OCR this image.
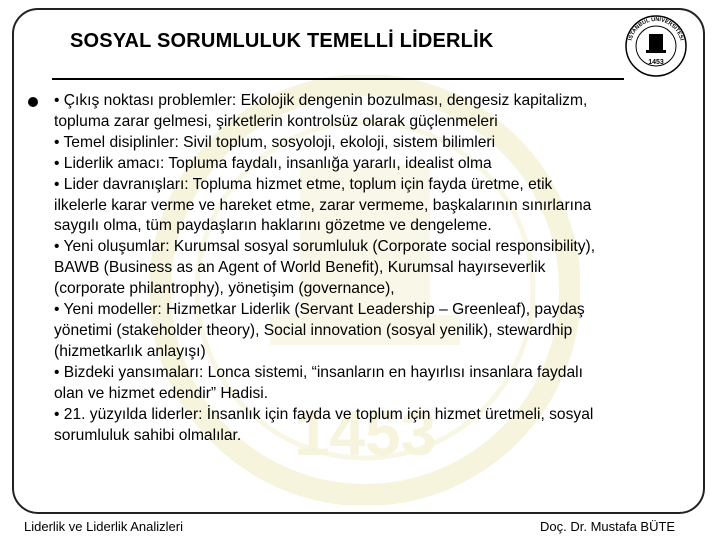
1453
SOSYAL SORUMLULUK TEMELLİ LİDERLİK	İSTANBUL ÜNİVERSİTESİ
1453
• Çıkış noktası problemler: Ekolojik dengenin bozulması, dengesiz kapitalizm,
topluma zarar gelmesi, şirketlerin kontrolsüz olarak güçlenmeleri
• Temel disiplinler: Sivil toplum, sosyoloji, ekoloji, sistem bilimleri
• Liderlik amacı: Topluma faydalı, insanlığa yararlı, idealist olma
• Lider davranışları: Topluma hizmet etme, toplum için fayda üretme, etik
ilkelerle karar verme ve hareket etme, zarar vermeme, başkalarının sınırlarına
saygılı olma, tüm paydaşların haklarını gözetme ve dengeleme.
• Yeni oluşumlar: Kurumsal sosyal sorumluluk (Corporate social responsibility),
BAWB (Business as an Agent of World Benefit), Kurumsal hayırseverlik
(corporate philantrophy), yönetişim (governance),
• Yeni modeller: Hizmetkar Liderlik (Servant Leadership – Greenleaf), paydaş
yönetimi (stakeholder theory), Social innovation (sosyal yenilik), stewardhip
(hizmetkarlık anlayışı)
• Bizdeki yansımaları: Lonca sistemi, “insanların en hayırlısı insanlara faydalı
olan ve hizmet edendir” Hadisi.
• 21. yüzyılda liderler: İnsanlık için fayda ve toplum için hizmet üretmeli, sosyal
sorumluluk sahibi olmalılar.
Liderlik ve Liderlik Analizleri	Doç. Dr. Mustafa BÜTE
